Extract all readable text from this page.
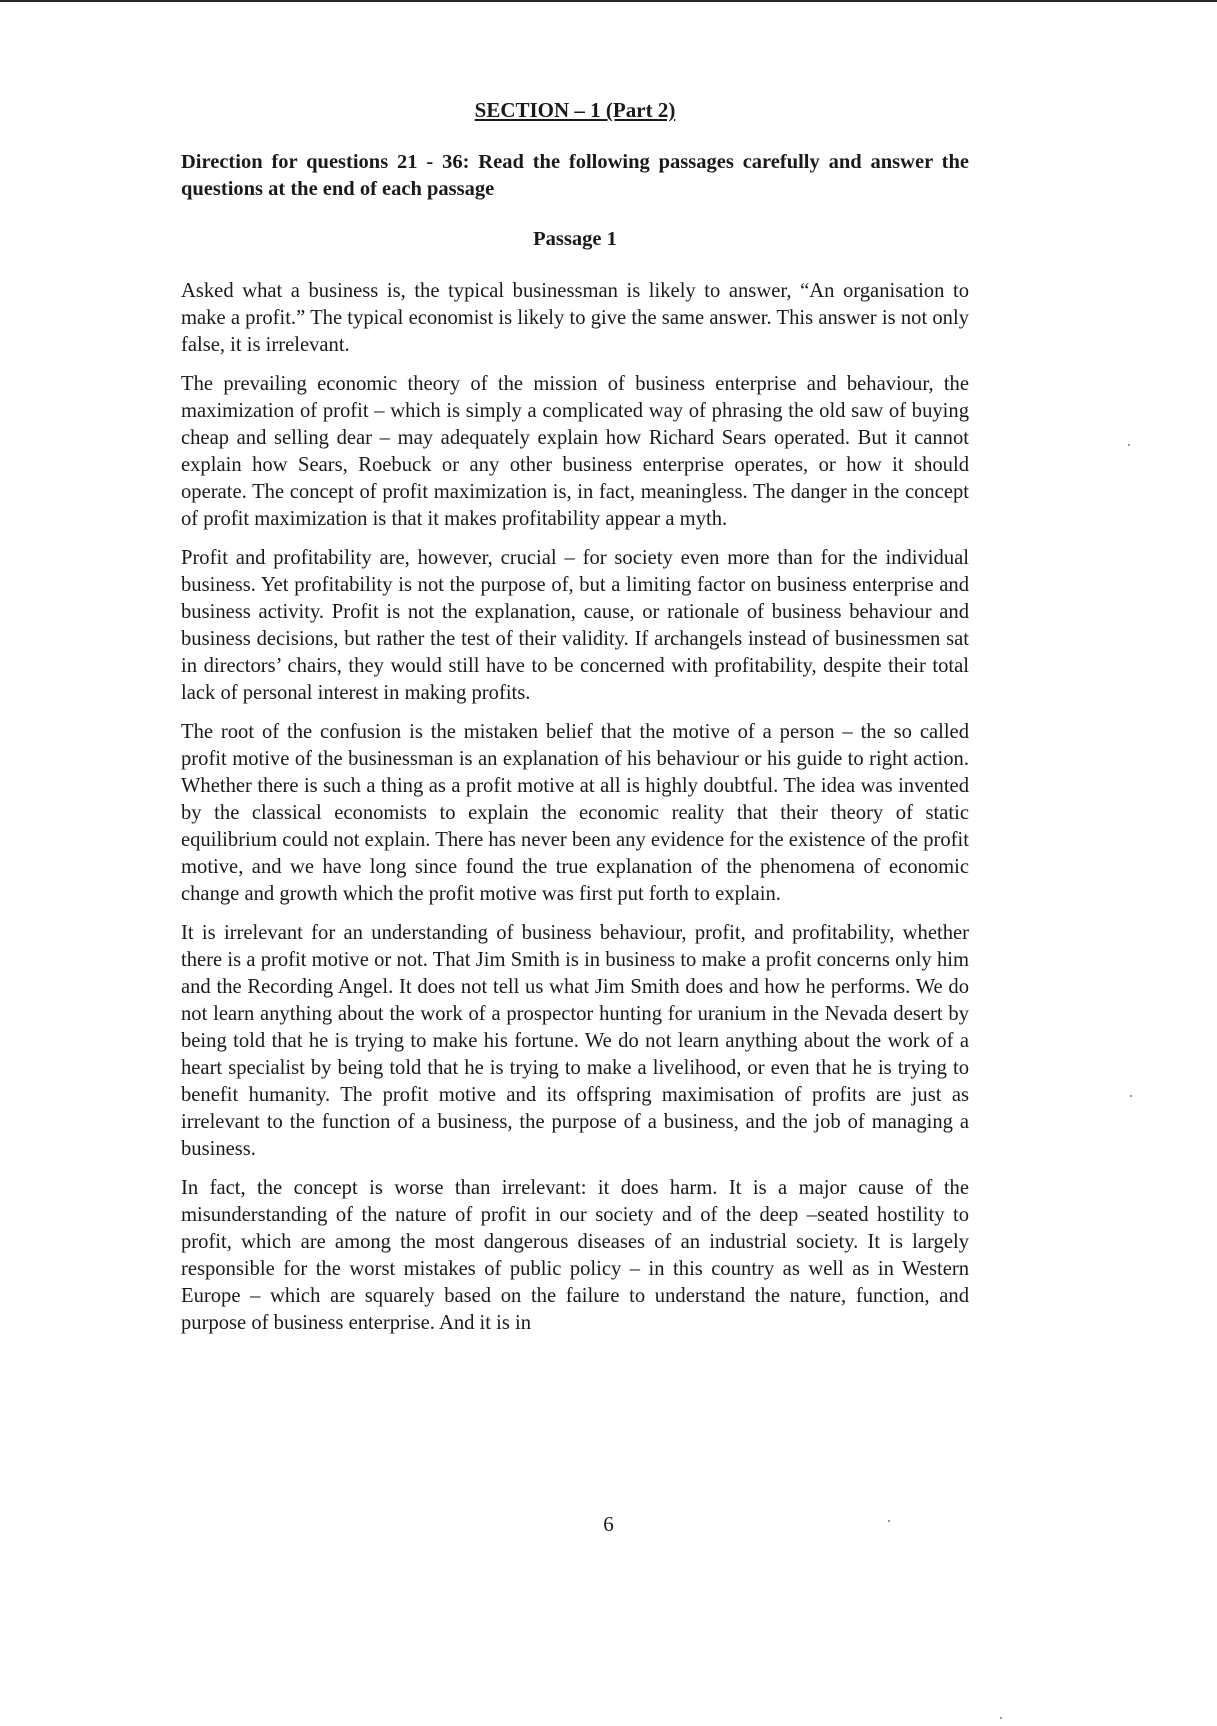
SECTION – 1 (Part 2)
Direction for questions 21 - 36: Read the following passages carefully and answer the questions at the end of each passage
Passage 1

Asked what a business is, the typical businessman is likely to answer, “An organisation to make a profit.” The typical economist is likely to give the same answer. This answer is not only false, it is irrelevant.

The prevailing economic theory of the mission of business enterprise and behaviour, the maximization of profit – which is simply a complicated way of phrasing the old saw of buying cheap and selling dear – may adequately explain how Richard Sears operated. But it cannot explain how Sears, Roebuck or any other business enterprise operates, or how it should operate. The concept of profit maximization is, in fact, meaningless. The danger in the concept of profit maximization is that it makes profitability appear a myth.

Profit and profitability are, however, crucial – for society even more than for the individual business. Yet profitability is not the purpose of, but a limiting factor on business enterprise and business activity. Profit is not the explanation, cause, or rationale of business behaviour and business decisions, but rather the test of their validity. If archangels instead of businessmen sat in directors’ chairs, they would still have to be concerned with profitability, despite their total lack of personal interest in making profits.

The root of the confusion is the mistaken belief that the motive of a person – the so called profit motive of the businessman is an explanation of his behaviour or his guide to right action. Whether there is such a thing as a profit motive at all is highly doubtful. The idea was invented by the classical economists to explain the economic reality that their theory of static equilibrium could not explain. There has never been any evidence for the existence of the profit motive, and we have long since found the true explanation of the phenomena of economic change and growth which the profit motive was first put forth to explain.

It is irrelevant for an understanding of business behaviour, profit, and profitability, whether there is a profit motive or not. That Jim Smith is in business to make a profit concerns only him and the Recording Angel. It does not tell us what Jim Smith does and how he performs. We do not learn anything about the work of a prospector hunting for uranium in the Nevada desert by being told that he is trying to make his fortune. We do not learn anything about the work of a heart specialist by being told that he is trying to make a livelihood, or even that he is trying to benefit humanity. The profit motive and its offspring maximisation of profits are just as irrelevant to the function of a business, the purpose of a business, and the job of managing a business.

In fact, the concept is worse than irrelevant: it does harm. It is a major cause of the misunderstanding of the nature of profit in our society and of the deep –seated hostility to profit, which are among the most dangerous diseases of an industrial society. It is largely responsible for the worst mistakes of public policy – in this country as well as in Western Europe – which are squarely based on the failure to understand the nature, function, and purpose of business enterprise. And it is in

6
